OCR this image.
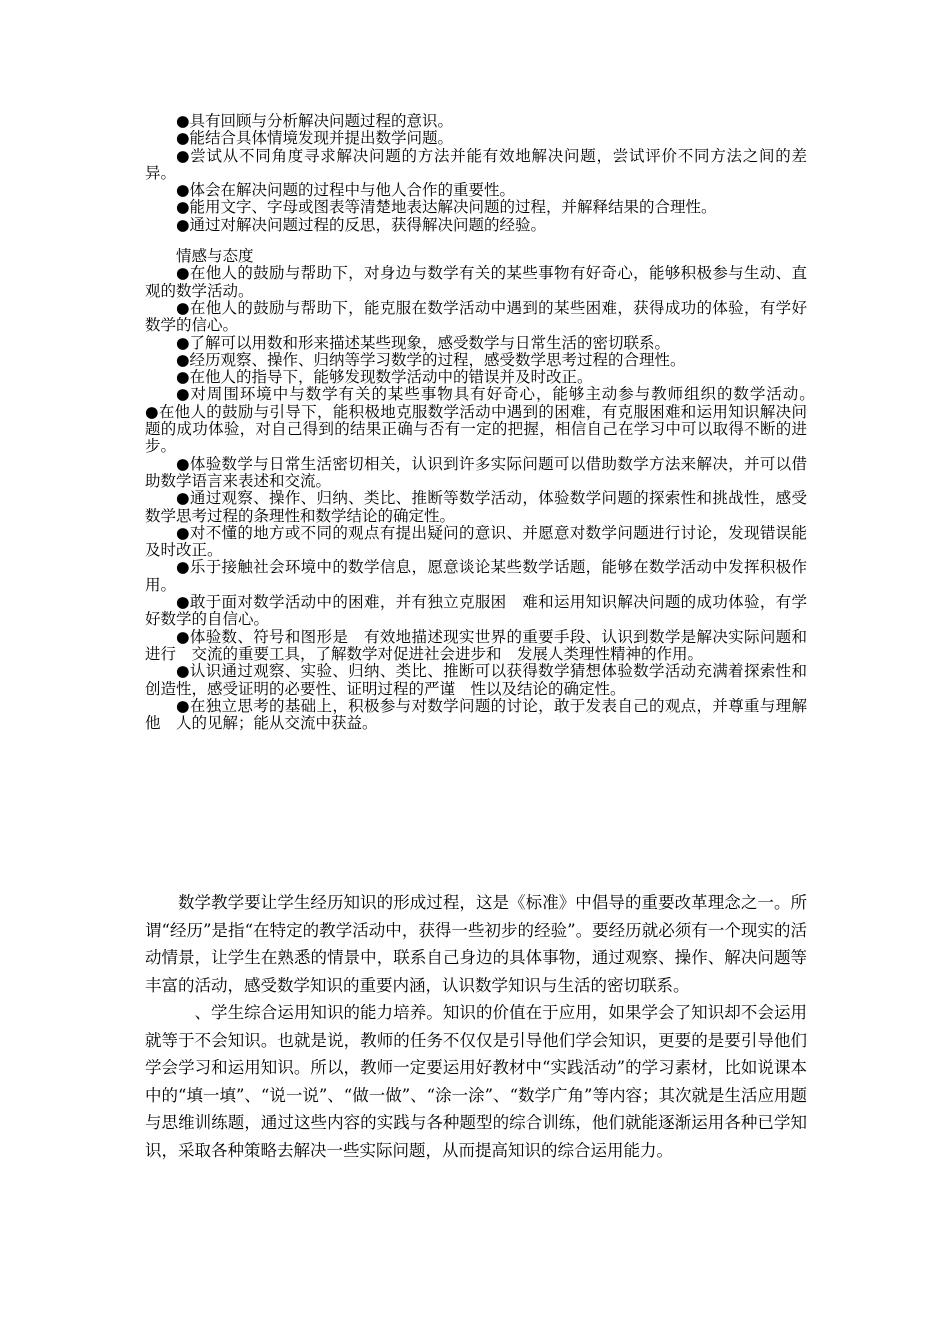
●具有回顾与分析解决问题过程的意识。

●能结合具体情境发现并提出数学问题。

●尝试从不同角度寻求解决问题的方法并能有效地解决问题，尝试评价不同方法之间的差异。

●体会在解决问题的过程中与他人合作的重要性。

●能用文字、字母或图表等清楚地表达解决问题的过程，并解释结果的合理性。

●通过对解决问题过程的反思，获得解决问题的经验。

情感与态度

●在他人的鼓励与帮助下，对身边与数学有关的某些事物有好奇心，能够积极参与生动、直观的数学活动。

●在他人的鼓励与帮助下，能克服在数学活动中遇到的某些困难，获得成功的体验，有学好数学的信心。

●了解可以用数和形来描述某些现象，感受数学与日常生活的密切联系。

●经历观察、操作、归纳等学习数学的过程，感受数学思考过程的合理性。

●在他人的指导下，能够发现数学活动中的错误并及时改正。

●对周围环境中与数学有关的某些事物具有好奇心，能够主动参与教师组织的数学活动。　　　　　　●在他人的鼓励与引导下，能积极地克服数学活动中遇到的困难，有克服困难和运用知识解决问题的成功体验，对自己得到的结果正确与否有一定的把握，相信自己在学习中可以取得不断的进步。

●体验数学与日常生活密切相关，认识到许多实际问题可以借助数学方法来解决，并可以借助数学语言来表述和交流。

●通过观察、操作、归纳、类比、推断等数学活动，体验数学问题的探索性和挑战性，感受数学思考过程的条理性和数学结论的确定性。

●对不懂的地方或不同的观点有提出疑问的意识、并愿意对数学问题进行讨论，发现错误能及时改正。

●乐于接触社会环境中的数学信息，愿意谈论某些数学话题，能够在数学活动中发挥积极作用。

●敢于面对数学活动中的困难，并有独立克服困　难和运用知识解决问题的成功体验，有学好数学的自信心。

●体验数、符号和图形是　有效地描述现实世界的重要手段、认识到数学是解决实际问题和进行　交流的重要工具，了解数学对促进社会进步和　发展人类理性精神的作用。

●认识通过观察、实验、归纳、类比、推断可以获得数学猜想体验数学活动充满着探索性和创造性，感受证明的必要性、证明过程的严谨　性以及结论的确定性。

●在独立思考的基础上，积极参与对数学问题的讨论，敢于发表自己的观点，并尊重与理解他　人的见解；能从交流中获益。

数学教学要让学生经历知识的形成过程，这是《标准》中倡导的重要改革理念之一。所谓“经历”是指“在特定的教学活动中，获得一些初步的经验”。要经历就必须有一个现实的活动情景，让学生在熟悉的情景中，联系自己身边的具体事物，通过观察、操作、解决问题等丰富的活动，感受数学知识的重要内涵，认识数学知识与生活的密切联系。

、学生综合运用知识的能力培养。知识的价值在于应用，如果学会了知识却不会运用就等于不会知识。也就是说，教师的任务不仅仅是引导他们学会知识，更要的是要引导他们学会学习和运用知识。所以，教师一定要运用好教材中“实践活动”的学习素材，比如说课本中的“填一填”、“说一说”、“做一做”、“涂一涂”、“数学广角”等内容；其次就是生活应用题与思维训练题，通过这些内容的实践与各种题型的综合训练，他们就能逐渐运用各种已学知识，采取各种策略去解决一些实际问题，从而提高知识的综合运用能力。
